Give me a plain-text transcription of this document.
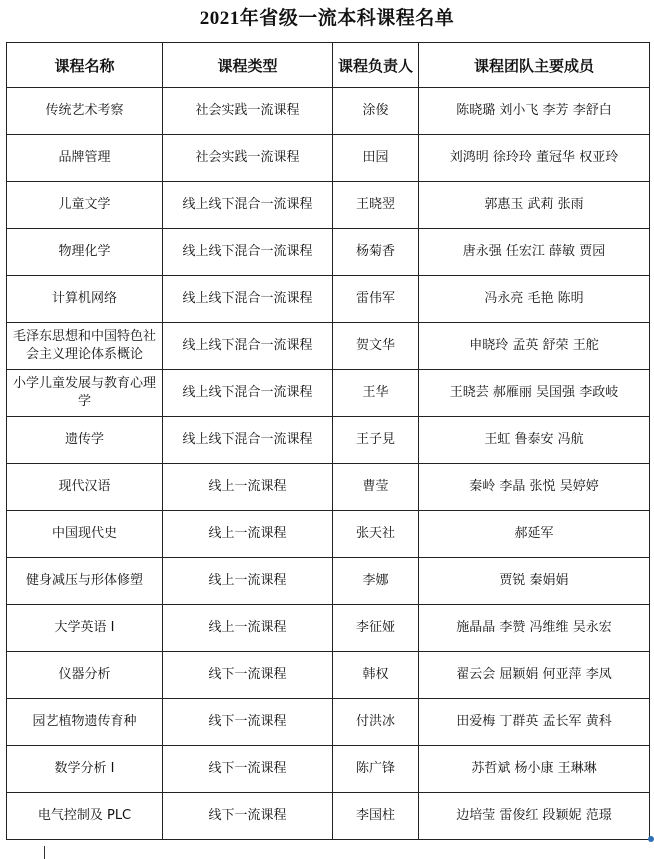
2021年省级一流本科课程名单
课程名称	课程类型	课程负责人	课程团队主要成员
传统艺术考察	社会实践一流课程	涂俊	陈晓璐 刘小飞 李芳 李舒白
品牌管理	社会实践一流课程	田园	刘鸿明 徐玲玲 董冠华 权亚玲
儿童文学	线上线下混合一流课程	王晓翌	郭惠玉 武莉 张雨
物理化学	线上线下混合一流课程	杨菊香	唐永强 任宏江 薛敏 贾园
计算机网络	线上线下混合一流课程	雷伟军	冯永亮 毛艳 陈明
毛泽东思想和中国特色社会主义理论体系概论	线上线下混合一流课程	贺文华	申晓玲 孟英 舒荣 王舵
小学儿童发展与教育心理学	线上线下混合一流课程	王华	王晓芸 郝雁丽 吴国强 李政岐
遗传学	线上线下混合一流课程	王子見	王虹 鲁泰安 冯航
现代汉语	线上一流课程	曹莹	秦岭 李晶 张悦 吴婷婷
中国现代史	线上一流课程	张天社	郝延军
健身减压与形体修塑	线上一流课程	李娜	贾锐 秦娟娟
大学英语 I	线上一流课程	李征娅	施晶晶 李赞 冯维维 吴永宏
仪器分析	线下一流课程	韩权	翟云会 屈颖娟 何亚萍 李凤
园艺植物遗传育种	线下一流课程	付洪冰	田爱梅 丁群英 孟长军 黄科
数学分析 I	线下一流课程	陈广锋	苏哲斌 杨小康 王琳琳
电气控制及 PLC	线下一流课程	李国柱	边培莹 雷俊红 段颖妮 范璟
